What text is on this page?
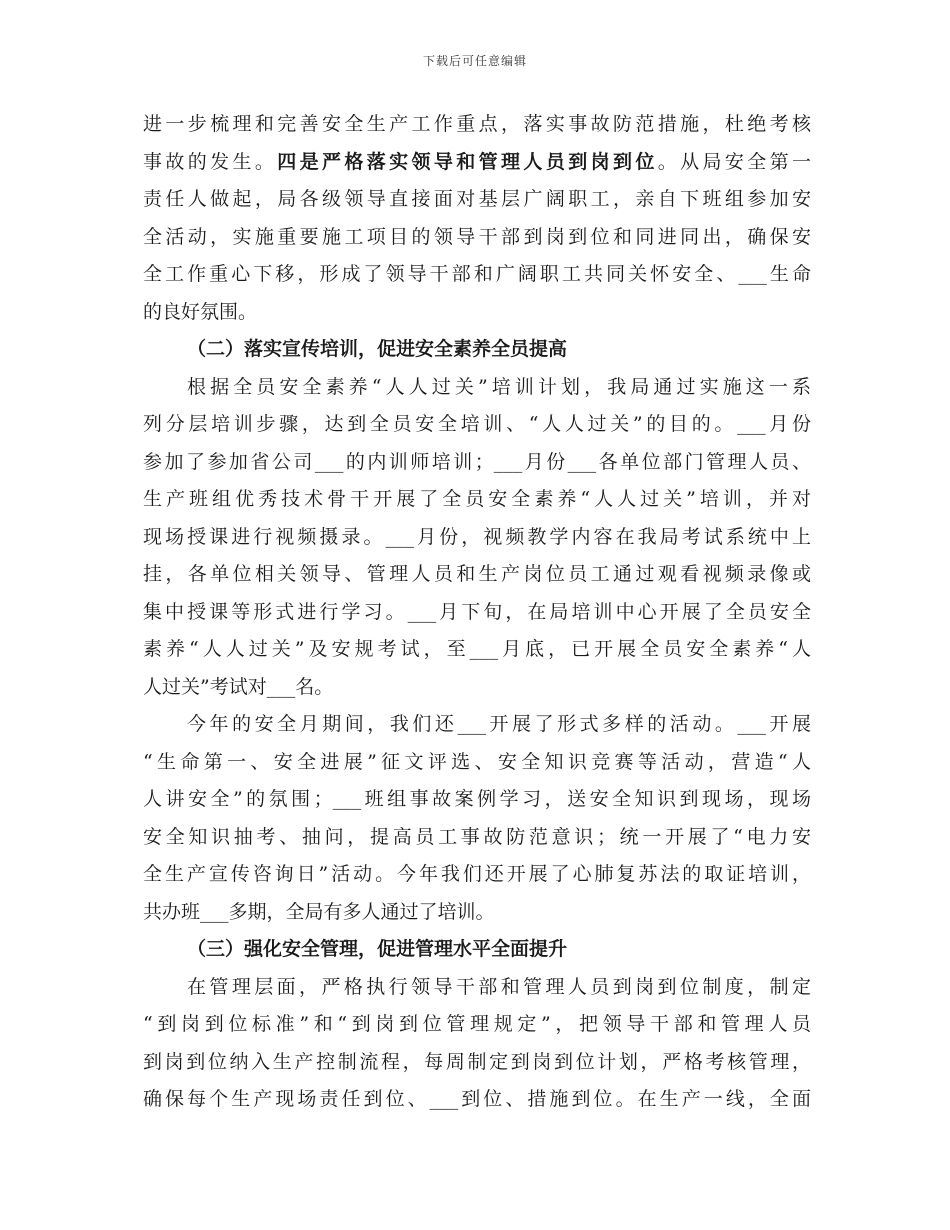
下载后可任意编辑
进一步梳理和完善安全生产工作重点，落实事故防范措施，杜绝考核
事故的发生。四是严格落实领导和管理人员到岗到位。从局安全第一
责任人做起，局各级领导直接面对基层广阔职工，亲自下班组参加安
全活动，实施重要施工项目的领导干部到岗到位和同进同出，确保安
全工作重心下移，形成了领导干部和广阔职工共同关怀安全、___生命
的良好氛围。
（二）落实宣传培训，促进安全素养全员提高
根据全员安全素养“人人过关”培训计划，我局通过实施这一系
列分层培训步骤，达到全员安全培训、“人人过关”的目的。___月份
参加了参加省公司___的内训师培训；___月份___各单位部门管理人员、
生产班组优秀技术骨干开展了全员安全素养“人人过关”培训，并对
现场授课进行视频摄录。___月份，视频教学内容在我局考试系统中上
挂，各单位相关领导、管理人员和生产岗位员工通过观看视频录像或
集中授课等形式进行学习。___月下旬，在局培训中心开展了全员安全
素养“人人过关”及安规考试，至___月底，已开展全员安全素养“人
人过关”考试对___名。
今年的安全月期间，我们还___开展了形式多样的活动。___开展
“生命第一、安全进展”征文评选、安全知识竞赛等活动，营造“人
人讲安全”的氛围；___班组事故案例学习，送安全知识到现场，现场
安全知识抽考、抽问，提高员工事故防范意识；统一开展了“电力安
全生产宣传咨询日”活动。今年我们还开展了心肺复苏法的取证培训，
共办班___多期，全局有多人通过了培训。
（三）强化安全管理，促进管理水平全面提升
在管理层面，严格执行领导干部和管理人员到岗到位制度，制定
“到岗到位标准”和“到岗到位管理规定”，把领导干部和管理人员
到岗到位纳入生产控制流程，每周制定到岗到位计划，严格考核管理，
确保每个生产现场责任到位、___到位、措施到位。在生产一线，全面
